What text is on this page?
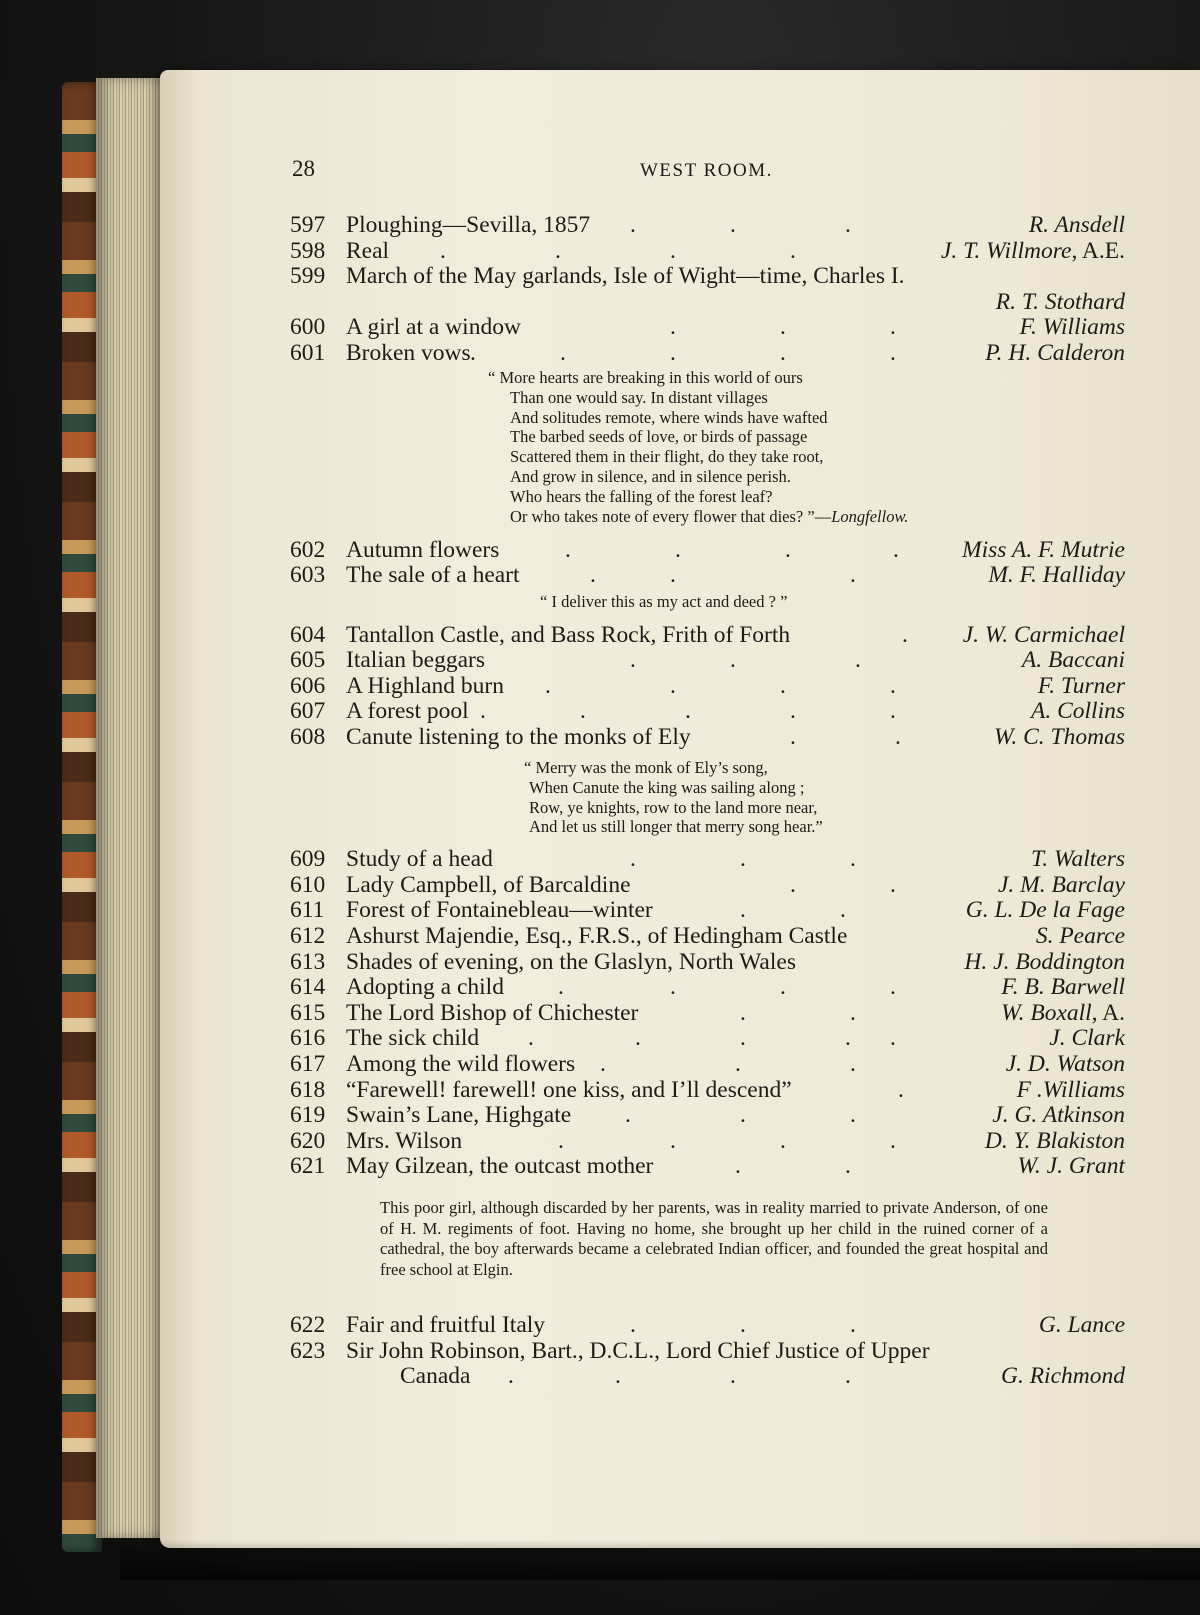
28	WEST ROOM.

597 Ploughing—Sevilla, 1857 .	.	.	R. Ansdell
598 Real .	.	.	.	J. T. Willmore, A.E.
599 March of the May garlands, Isle of Wight—time, Charles I.
R. T. Stothard
600 A girl at a window	.	.	.	F. Williams
601 Broken vows .	.	.	.	.	P. H. Calderon
“ More hearts are breaking in this world of ours
Than one would say. In distant villages
And solitudes remote, where winds have wafted
The barbed seeds of love, or birds of passage
Scattered them in their flight, do they take root,
And grow in silence, and in silence perish.
Who hears the falling of the forest leaf?
Or who takes note of every flower that dies? ”—Longfellow.
602 Autumn flowers	.	.	.	.	Miss A. F. Mutrie
603 The sale of a heart	.	.	.	M. F. Halliday
“ I deliver this as my act and deed ? ”
604 Tantallon Castle, and Bass Rock, Frith of Forth	. J. W. Carmichael
605 Italian beggars	.	.	.	A. Baccani
606 A Highland burn .	.	.	.	F. Turner
607 A forest pool .	.	.	.	.	A. Collins
608 Canute listening to the monks of Ely	.	.	W. C. Thomas
“ Merry was the monk of Ely’s song,
When Canute the king was sailing along ;
Row, ye knights, row to the land more near,
And let us still longer that merry song hear.”
609 Study of a head	.	.	.	T. Walters
610 Lady Campbell, of Barcaldine	.	.	J. M. Barclay
611 Forest of Fontainebleau—winter	.	.	G. L. De la Fage
612 Ashurst Majendie, Esq., F.R.S., of Hedingham Castle	S. Pearce
613 Shades of evening, on the Glaslyn, North Wales	H. J. Boddington
614 Adopting a child .	.	.	.	F. B. Barwell
615 The Lord Bishop of Chichester	.	.	W. Boxall, A.
616 The sick child .	.	.	. .	J. Clark
617 Among the wild flowers .	.	.	J. D. Watson
618 “Farewell! farewell! one kiss, and I’ll descend”	.	F .Williams
619 Swain’s Lane, Highgate .	.	.	J. G. Atkinson
620 Mrs. Wilson	.	.	.	.	D. Y. Blakiston
621 May Gilzean, the outcast mother	.	.	W. J. Grant

This poor girl, although discarded by her parents, was in reality married to private Anderson, of one of H. M. regiments of foot. Having no home, she brought up her child in the ruined corner of a cathedral, the boy afterwards became a celebrated Indian officer, and founded the great hospital and free school at Elgin.

622 Fair and fruitful Italy	.	.	.	G. Lance
623 Sir John Robinson, Bart., D.C.L., Lord Chief Justice of Upper
Canada .	.	.	.	G. Richmond
